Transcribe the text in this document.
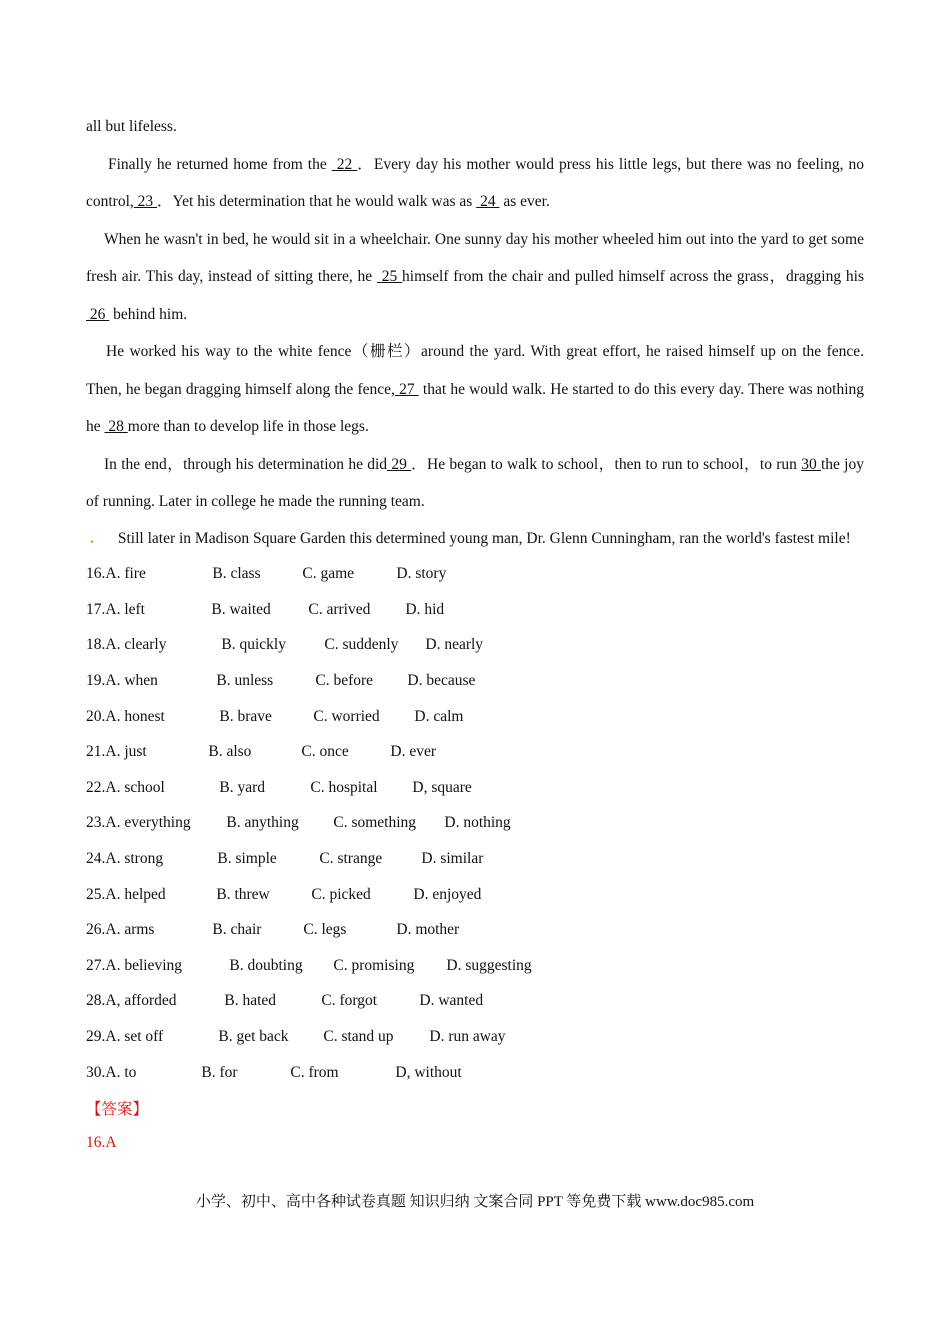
all but lifeless.

Finally he returned home from the  22 ．Every day his mother would press his little legs, but there was no feeling, no control, 23 ．Yet his determination that he would walk was as  24  as ever.

When he wasn't in bed, he would sit in a wheelchair. One sunny day his mother wheeled him out into the yard to get some fresh air. This day, instead of sitting there, he  25 himself from the chair and pulled himself across the grass，dragging his 26  behind him.

He worked his way to the white fence（栅栏）around the yard. With great effort, he raised himself up on the fence. Then, he began dragging himself along the fence, 27  that he would walk. He started to do this every day. There was nothing he  28 more than to develop life in those legs.

In the end，through his determination he did 29 ．He began to walk to school，then to run to school，to run 30 the joy of running. Later in college he made the running team.

. Still later in Madison Square Garden this determined young man, Dr. Glenn Cunningham, ran the world's fastest mile!

16. A. fire	B. class	C. game	D. story
17. A. left	B. waited	C. arrived	D. hid
18. A. clearly	B. quickly	C. suddenly	D. nearly
19. A. when	B. unless	C. before	D. because
20. A. honest	B. brave	C. worried	D. calm
21. A. just	B. also	C. once	D. ever
22. A. school	B. yard	C. hospital	D, square
23. A. everything	B. anything	C. something	D. nothing
24. A. strong	B. simple	C. strange	D. similar
25. A. helped	B. threw	C. picked	D. enjoyed
26. A. arms	B. chair	C. legs	D. mother
27. A. believing	B. doubting	C. promising	D. suggesting
28. A, afforded	B. hated	C. forgot	D. wanted
29. A. set off	B. get back	C. stand up	D. run away
30. A. to	B. for	C. from	D, without
【答案】
16.A
小学、初中、高中各种试卷真题 知识归纳 文案合同 PPT 等免费下载 www.doc985.com
